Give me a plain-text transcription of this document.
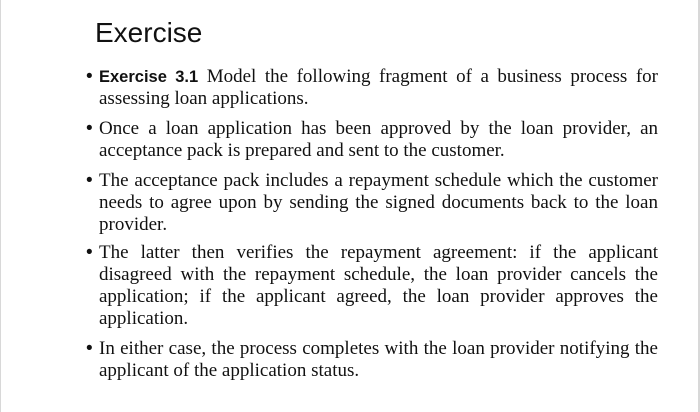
Exercise
• Exercise 3.1 Model the following fragment of a business process for assessing loan applications.

• Once a loan application has been approved by the loan provider, an acceptance pack is prepared and sent to the customer.

• The acceptance pack includes a repayment schedule which the customer needs to agree upon by sending the signed documents back to the loan provider.

• The latter then verifies the repayment agreement: if the applicant disagreed with the repayment schedule, the loan provider cancels the application; if the applicant agreed, the loan provider approves the application.

• In either case, the process completes with the loan provider notifying the applicant of the application status.
